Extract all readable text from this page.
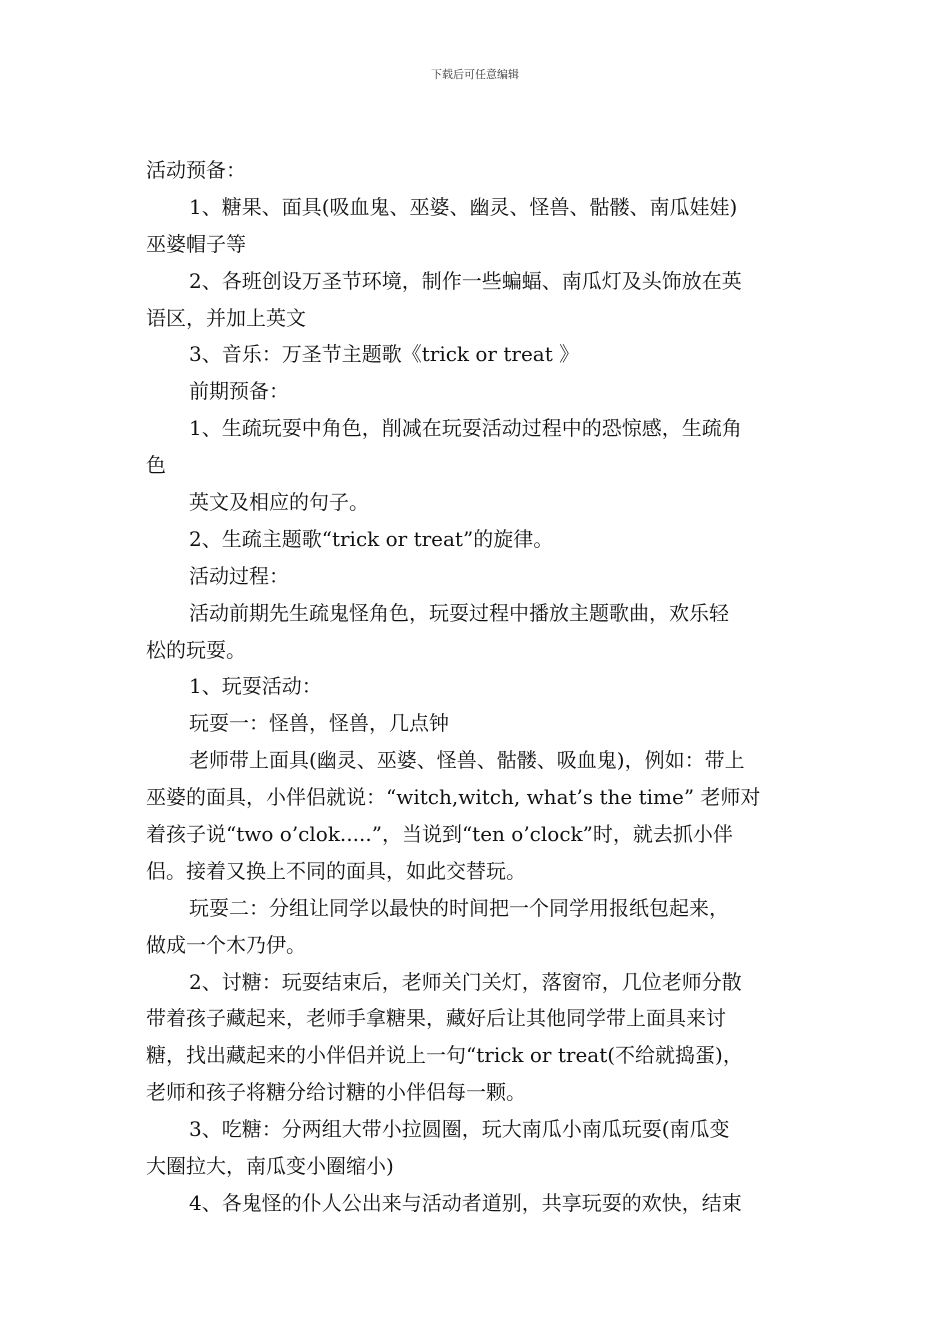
下载后可任意编辑
活动预备：
1、糖果、面具(吸血鬼、巫婆、幽灵、怪兽、骷髅、南瓜娃娃)
巫婆帽子等
2、各班创设万圣节环境，制作一些蝙蝠、南瓜灯及头饰放在英
语区，并加上英文
3、音乐：万圣节主题歌《trick or treat 》
前期预备：
1、生疏玩耍中角色，削减在玩耍活动过程中的恐惊感，生疏角
色
英文及相应的句子。
2、生疏主题歌“trick or treat”的旋律。
活动过程：
活动前期先生疏鬼怪角色，玩耍过程中播放主题歌曲，欢乐轻
松的玩耍。
1、玩耍活动：
玩耍一：怪兽，怪兽，几点钟
老师带上面具(幽灵、巫婆、怪兽、骷髅、吸血鬼)，例如：带上
巫婆的面具，小伴侣就说：“witch,witch, what’s the time” 老师对
着孩子说“two o’clok.....”，当说到“ten o’clock”时，就去抓小伴
侣。接着又换上不同的面具，如此交替玩。
玩耍二：分组让同学以最快的时间把一个同学用报纸包起来，
做成一个木乃伊。
2、讨糖：玩耍结束后，老师关门关灯，落窗帘，几位老师分散
带着孩子藏起来，老师手拿糖果，藏好后让其他同学带上面具来讨
糖，找出藏起来的小伴侣并说上一句“trick or treat(不给就捣蛋)，
老师和孩子将糖分给讨糖的小伴侣每一颗。
3、吃糖：分两组大带小拉圆圈，玩大南瓜小南瓜玩耍(南瓜变
大圈拉大，南瓜变小圈缩小)
4、各鬼怪的仆人公出来与活动者道别，共享玩耍的欢快，结束
